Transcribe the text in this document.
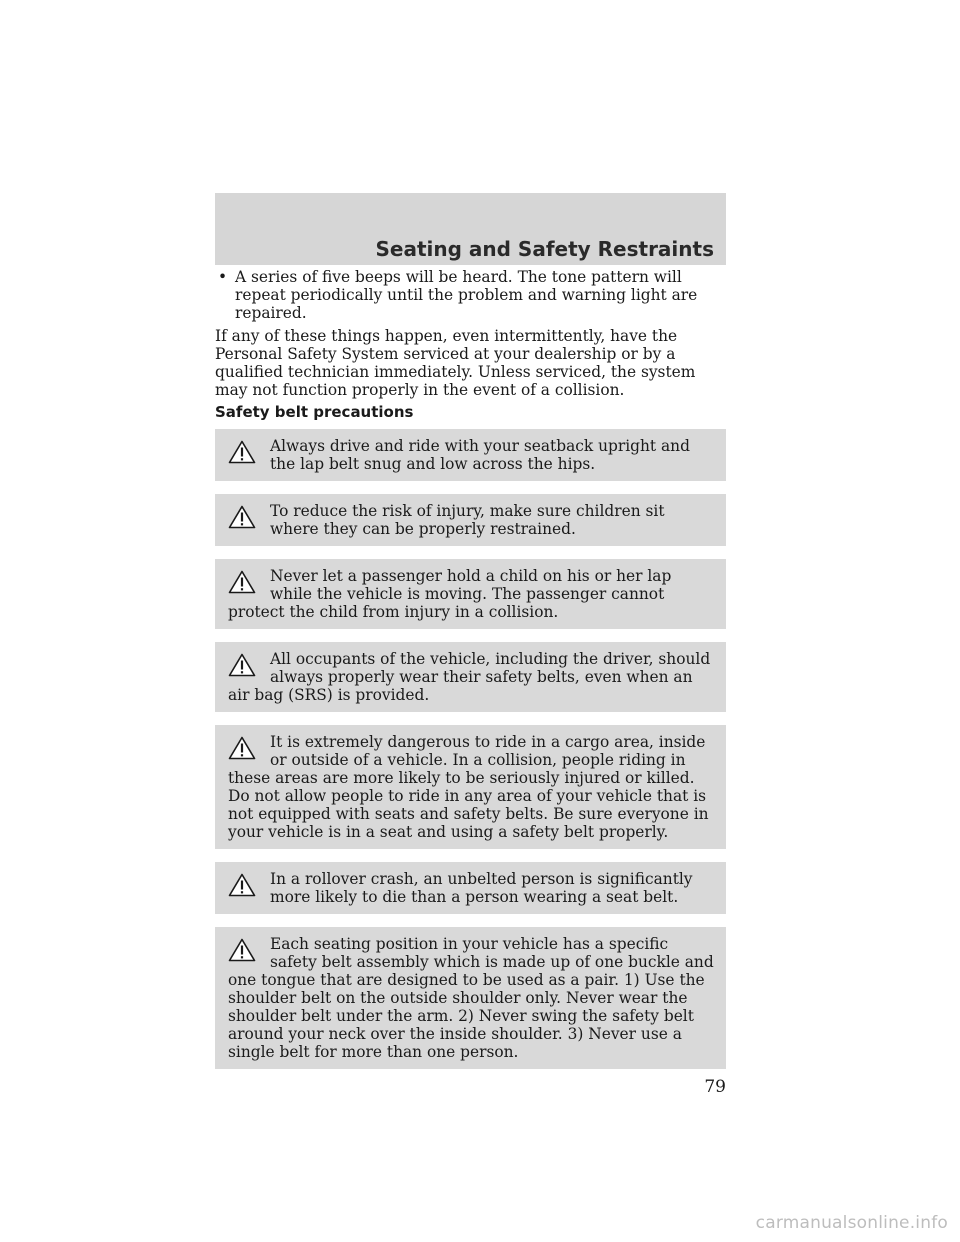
Seating and Safety Restraints
• A series of five beeps will be heard. The tone pattern will repeat periodically until the problem and warning light are repaired.
If any of these things happen, even intermittently, have the Personal Safety System serviced at your dealership or by a qualified technician immediately. Unless serviced, the system may not function properly in the event of a collision.
Safety belt precautions
Always drive and ride with your seatback upright and the lap belt snug and low across the hips.
To reduce the risk of injury, make sure children sit where they can be properly restrained.
Never let a passenger hold a child on his or her lap while the vehicle is moving. The passenger cannot protect the child from injury in a collision.
All occupants of the vehicle, including the driver, should always properly wear their safety belts, even when an air bag (SRS) is provided.
It is extremely dangerous to ride in a cargo area, inside or outside of a vehicle. In a collision, people riding in these areas are more likely to be seriously injured or killed. Do not allow people to ride in any area of your vehicle that is not equipped with seats and safety belts. Be sure everyone in your vehicle is in a seat and using a safety belt properly.
In a rollover crash, an unbelted person is significantly more likely to die than a person wearing a seat belt.
Each seating position in your vehicle has a specific safety belt assembly which is made up of one buckle and one tongue that are designed to be used as a pair. 1) Use the shoulder belt on the outside shoulder only. Never wear the shoulder belt under the arm. 2) Never swing the safety belt around your neck over the inside shoulder. 3) Never use a single belt for more than one person.
79
carmanualsonline.info
